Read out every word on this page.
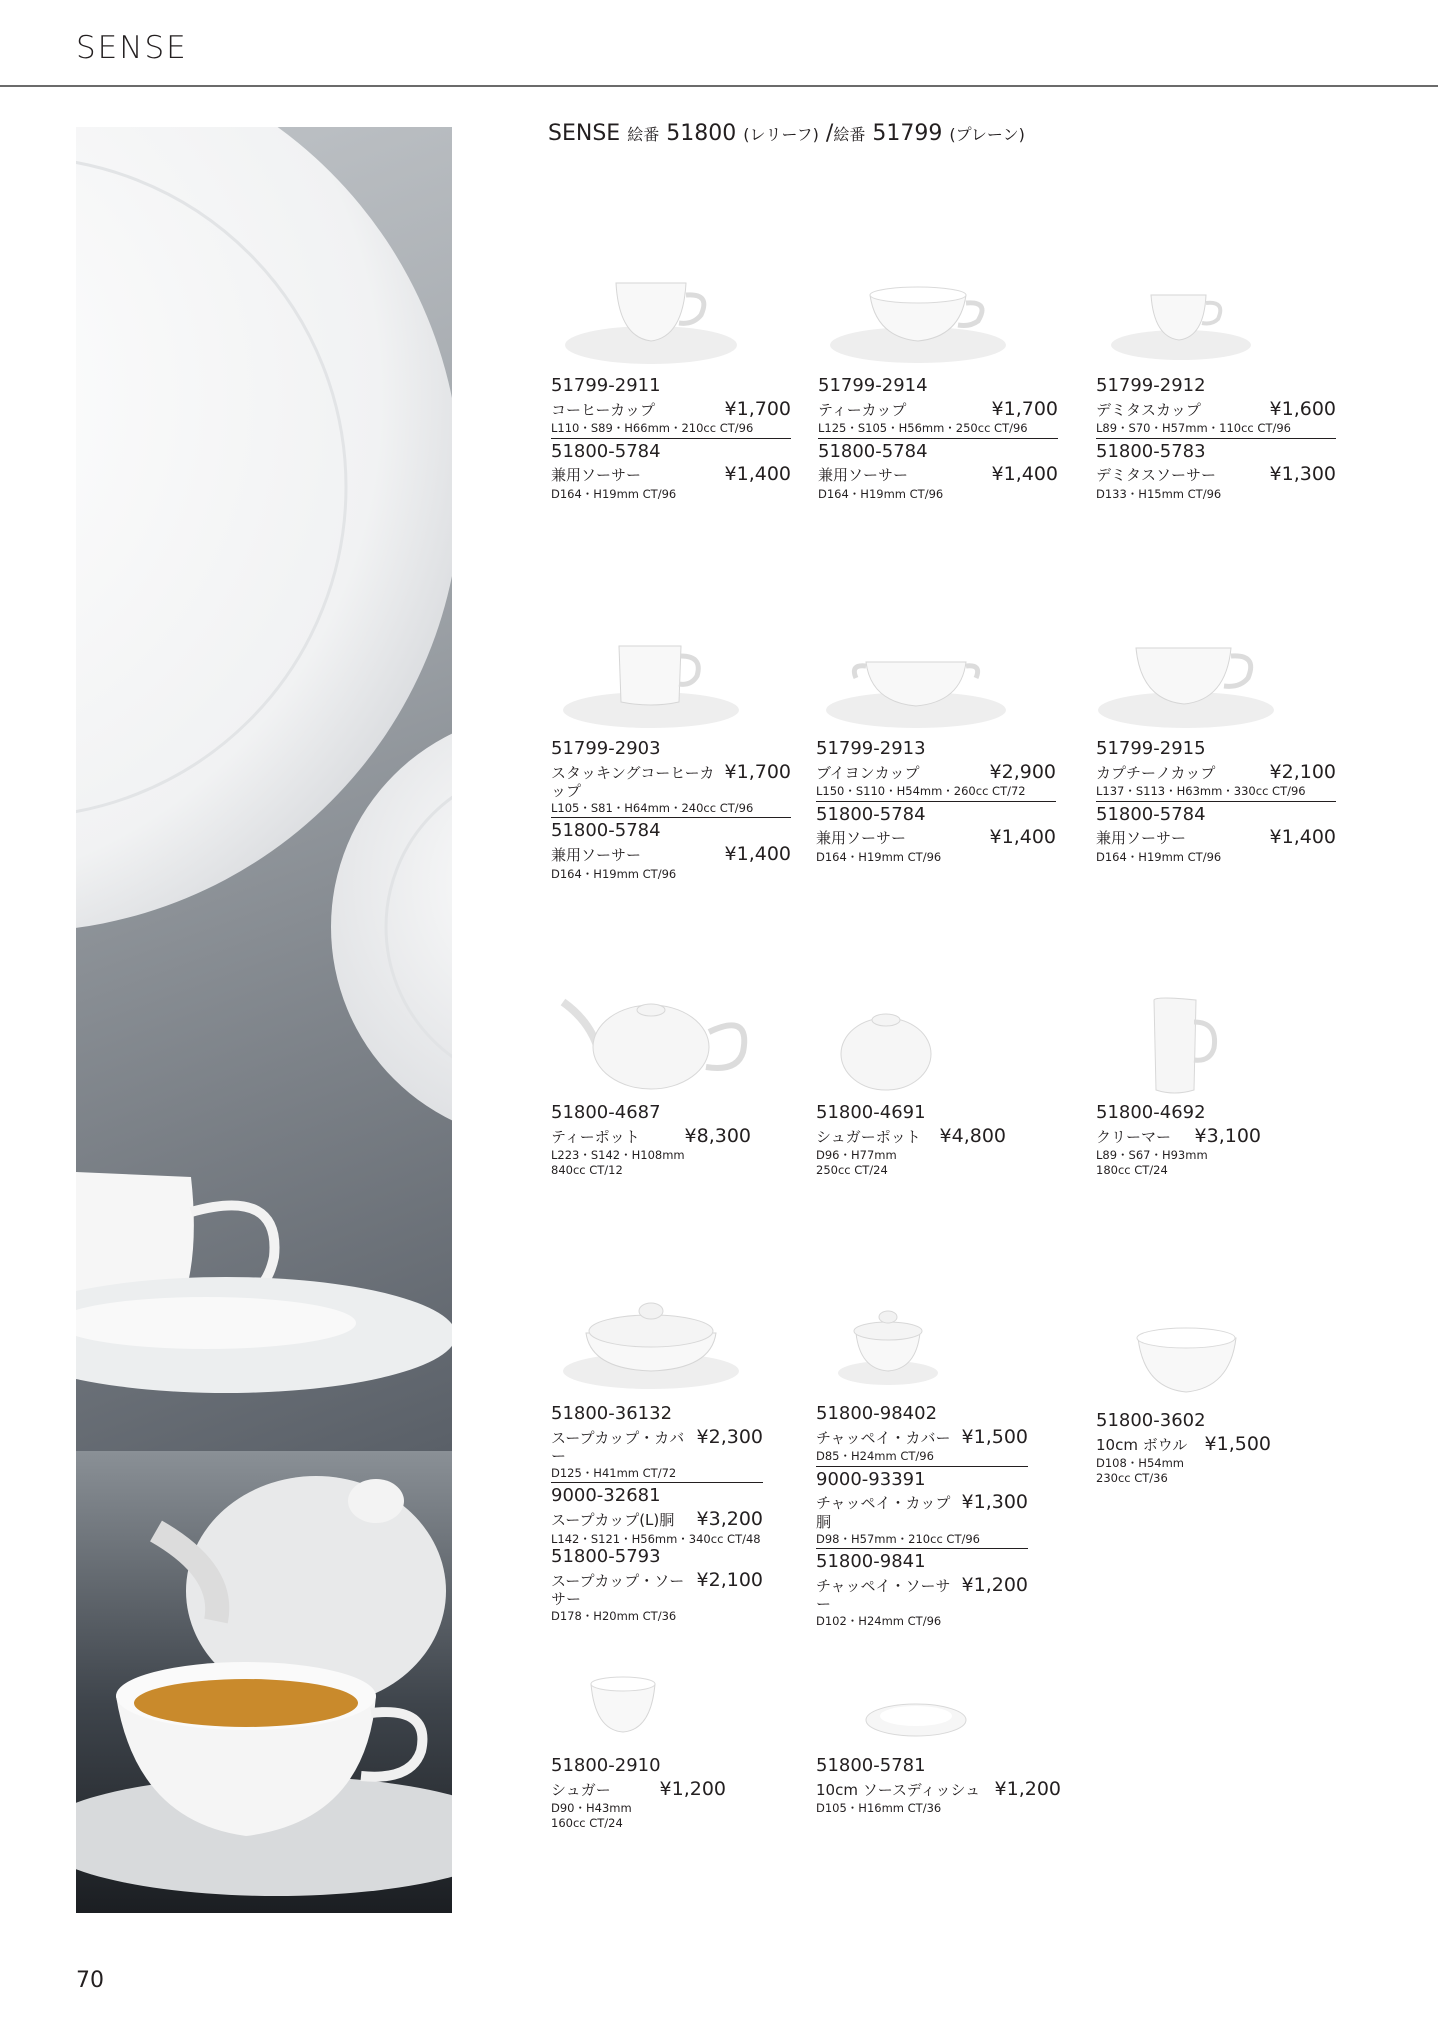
SENSE
SENSE 絵番 51800 (レリーフ) /絵番 51799 (プレーン)
51799-2911
コーヒーカップ	¥1,700
L110・S89・H66mm・210cc CT/96
51800-5784
兼用ソーサー	¥1,400
D164・H19mm CT/96
51799-2914
ティーカップ	¥1,700
L125・S105・H56mm・250cc CT/96
51800-5784
兼用ソーサー	¥1,400
D164・H19mm CT/96
51799-2912
デミタスカップ	¥1,600
L89・S70・H57mm・110cc CT/96
51800-5783
デミタスソーサー	¥1,300
D133・H15mm CT/96
51799-2903
スタッキングコーヒーカップ
¥1,700
L105・S81・H64mm・240cc CT/96
51800-5784
兼用ソーサー	¥1,400
D164・H19mm CT/96
51799-2913
ブイヨンカップ	¥2,900
L150・S110・H54mm・260cc CT/72
51800-5784
兼用ソーサー	¥1,400
D164・H19mm CT/96
51799-2915
カプチーノカップ	¥2,100
L137・S113・H63mm・330cc CT/96
51800-5784
兼用ソーサー	¥1,400
D164・H19mm CT/96
51800-4687
ティーポット ¥8,300
L223・S142・H108mm
840cc CT/12
51800-4691
シュガーポット ¥4,800
D96・H77mm
250cc CT/24
51800-4692
クリーマー ¥3,100
L89・S67・H93mm
180cc CT/24
51800-36132
スープカップ・カバー
¥2,300
D125・H41mm CT/72
9000-32681
スープカップ(L)胴 ¥3,200
L142・S121・H56mm・340cc CT/48
51800-5793
スープカップ・ソーサー
¥2,100
D178・H20mm CT/36
51800-98402
チャッペイ・カバー ¥1,500
D85・H24mm CT/96
9000-93391
チャッペイ・カップ胴
¥1,300
D98・H57mm・210cc CT/96
51800-9841
チャッペイ・ソーサー
¥1,200
D102・H24mm CT/96
51800-3602
10cm ボウル ¥1,500
D108・H54mm
230cc CT/36
51800-2910
シュガー	¥1,200
D90・H43mm
160cc CT/24
51800-5781
10cm ソースディッシュ ¥1,200
D105・H16mm CT/36
70
